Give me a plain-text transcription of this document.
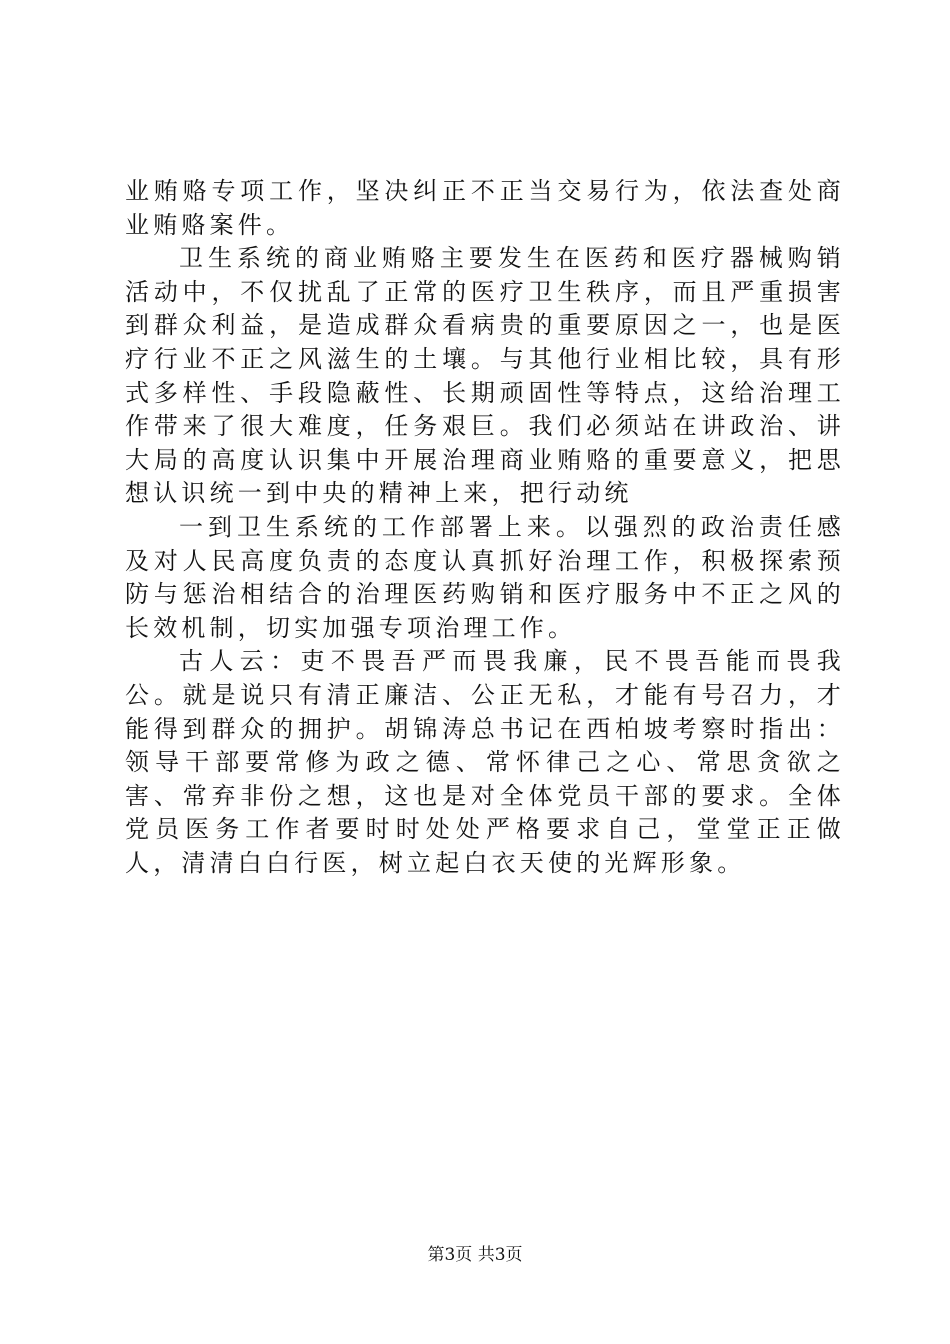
业贿赂专项工作，坚决纠正不正当交易行为，依法查处商业贿赂案件。

卫生系统的商业贿赂主要发生在医药和医疗器械购销活动中，不仅扰乱了正常的医疗卫生秩序，而且严重损害到群众利益，是造成群众看病贵的重要原因之一，也是医疗行业不正之风滋生的土壤。与其他行业相比较，具有形式多样性、手段隐蔽性、长期顽固性等特点，这给治理工作带来了很大难度，任务艰巨。我们必须站在讲政治、讲大局的高度认识集中开展治理商业贿赂的重要意义，把思想认识统一到中央的精神上来，把行动统

一到卫生系统的工作部署上来。以强烈的政治责任感及对人民高度负责的态度认真抓好治理工作，积极探索预防与惩治相结合的治理医药购销和医疗服务中不正之风的长效机制，切实加强专项治理工作。

古人云：吏不畏吾严而畏我廉，民不畏吾能而畏我公。就是说只有清正廉洁、公正无私，才能有号召力，才能得到群众的拥护。胡锦涛总书记在西柏坡考察时指出：领导干部要常修为政之德、常怀律己之心、常思贪欲之害、常弃非份之想，这也是对全体党员干部的要求。全体党员医务工作者要时时处处严格要求自己，堂堂正正做人，清清白白行医，树立起白衣天使的光辉形象。

第3页 共3页
